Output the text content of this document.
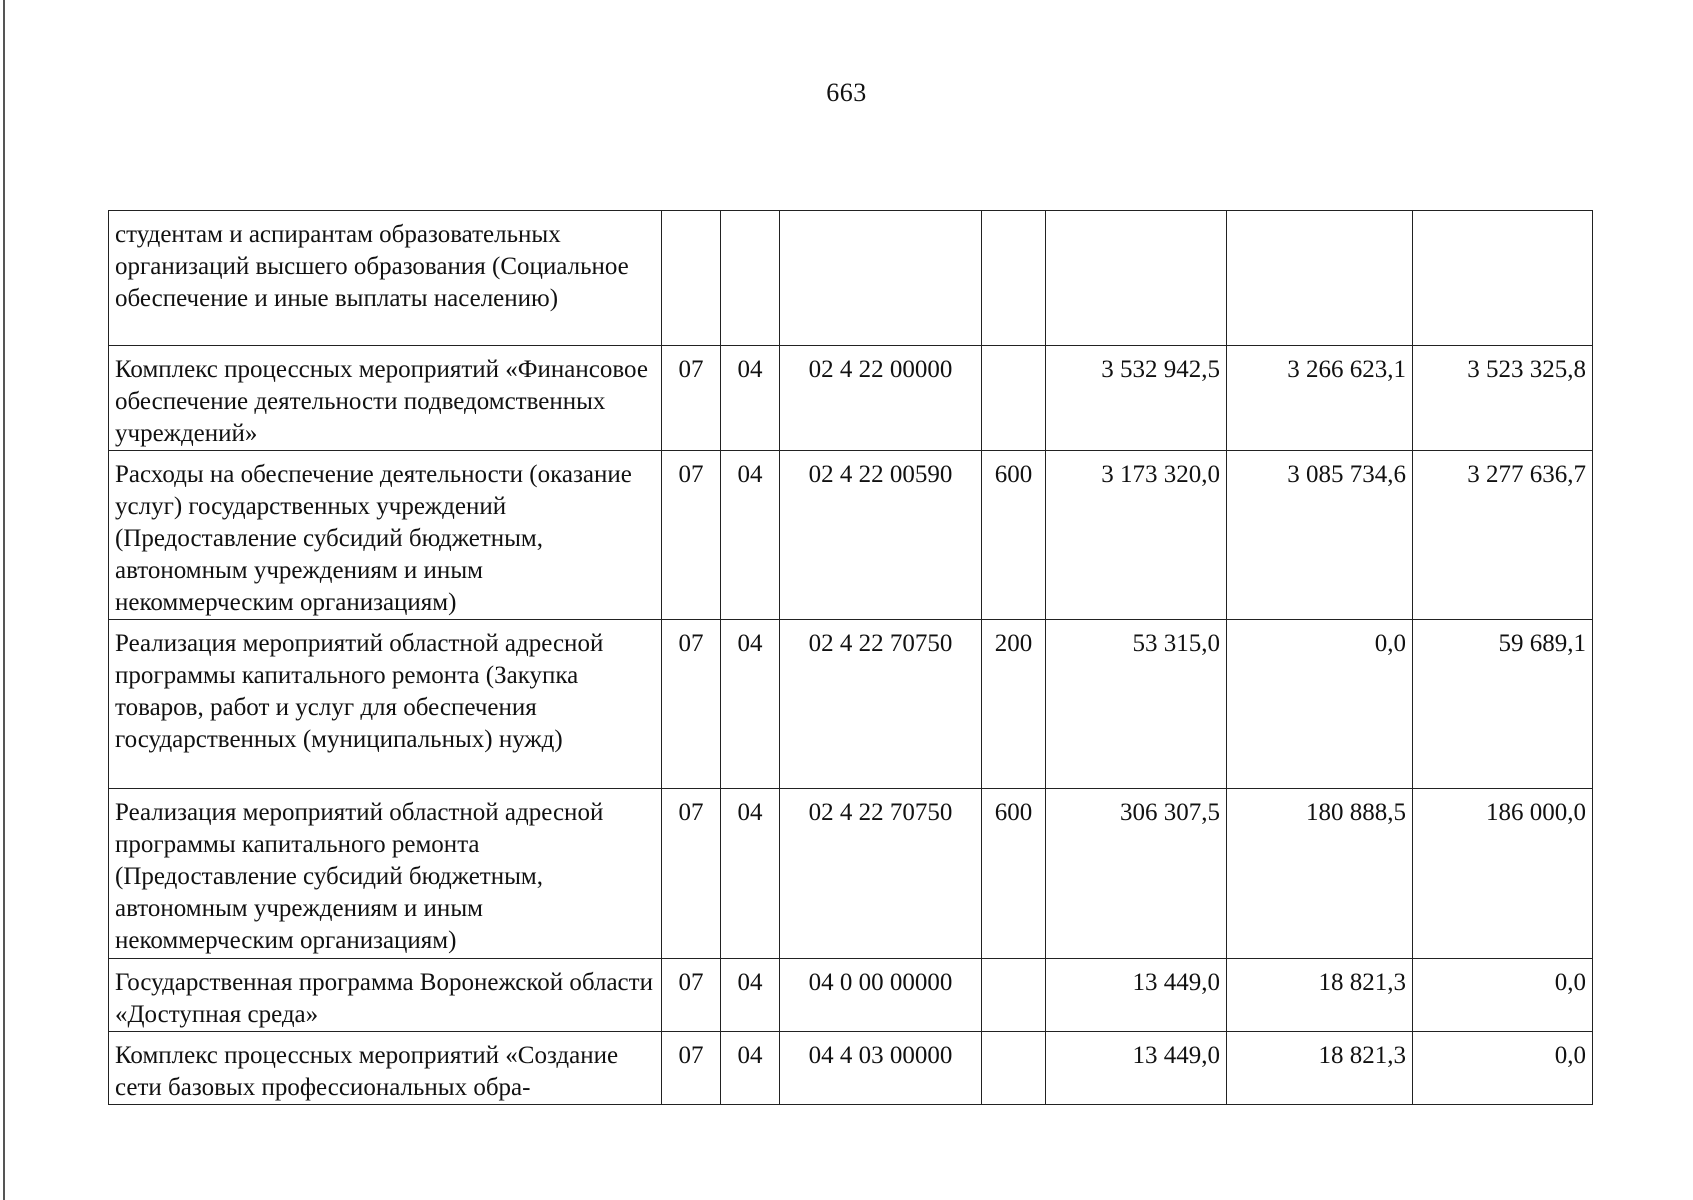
663
студентам и аспирантам образовательных организаций высшего образования (Социальное обеспечение и иные выплаты населению)							
Комплекс процессных мероприятий «Финансовое обеспечение деятельности подведомственных учреждений»	07	04	02 4 22 00000		3 532 942,5	3 266 623,1	3 523 325,8
Расходы на обеспечение деятельности (оказание услуг) государственных учреждений (Предоставление субсидий бюджетным, автономным учреждениям и иным некоммерческим организациям)	07	04	02 4 22 00590	600	3 173 320,0	3 085 734,6	3 277 636,7
Реализация мероприятий областной адресной программы капитального ремонта (Закупка товаров, работ и услуг для обеспечения государственных (муниципальных) нужд)	07	04	02 4 22 70750	200	53 315,0	0,0	59 689,1
Реализация мероприятий областной адресной программы капитального ремонта (Предоставление субсидий бюджетным, автономным учреждениям и иным некоммерческим организациям)	07	04	02 4 22 70750	600	306 307,5	180 888,5	186 000,0
Государственная программа Воронежской области «Доступная среда»	07	04	04 0 00 00000		13 449,0	18 821,3	0,0
Комплекс процессных мероприятий «Создание сети базовых профессиональных обра-	07	04	04 4 03 00000		13 449,0	18 821,3	0,0
